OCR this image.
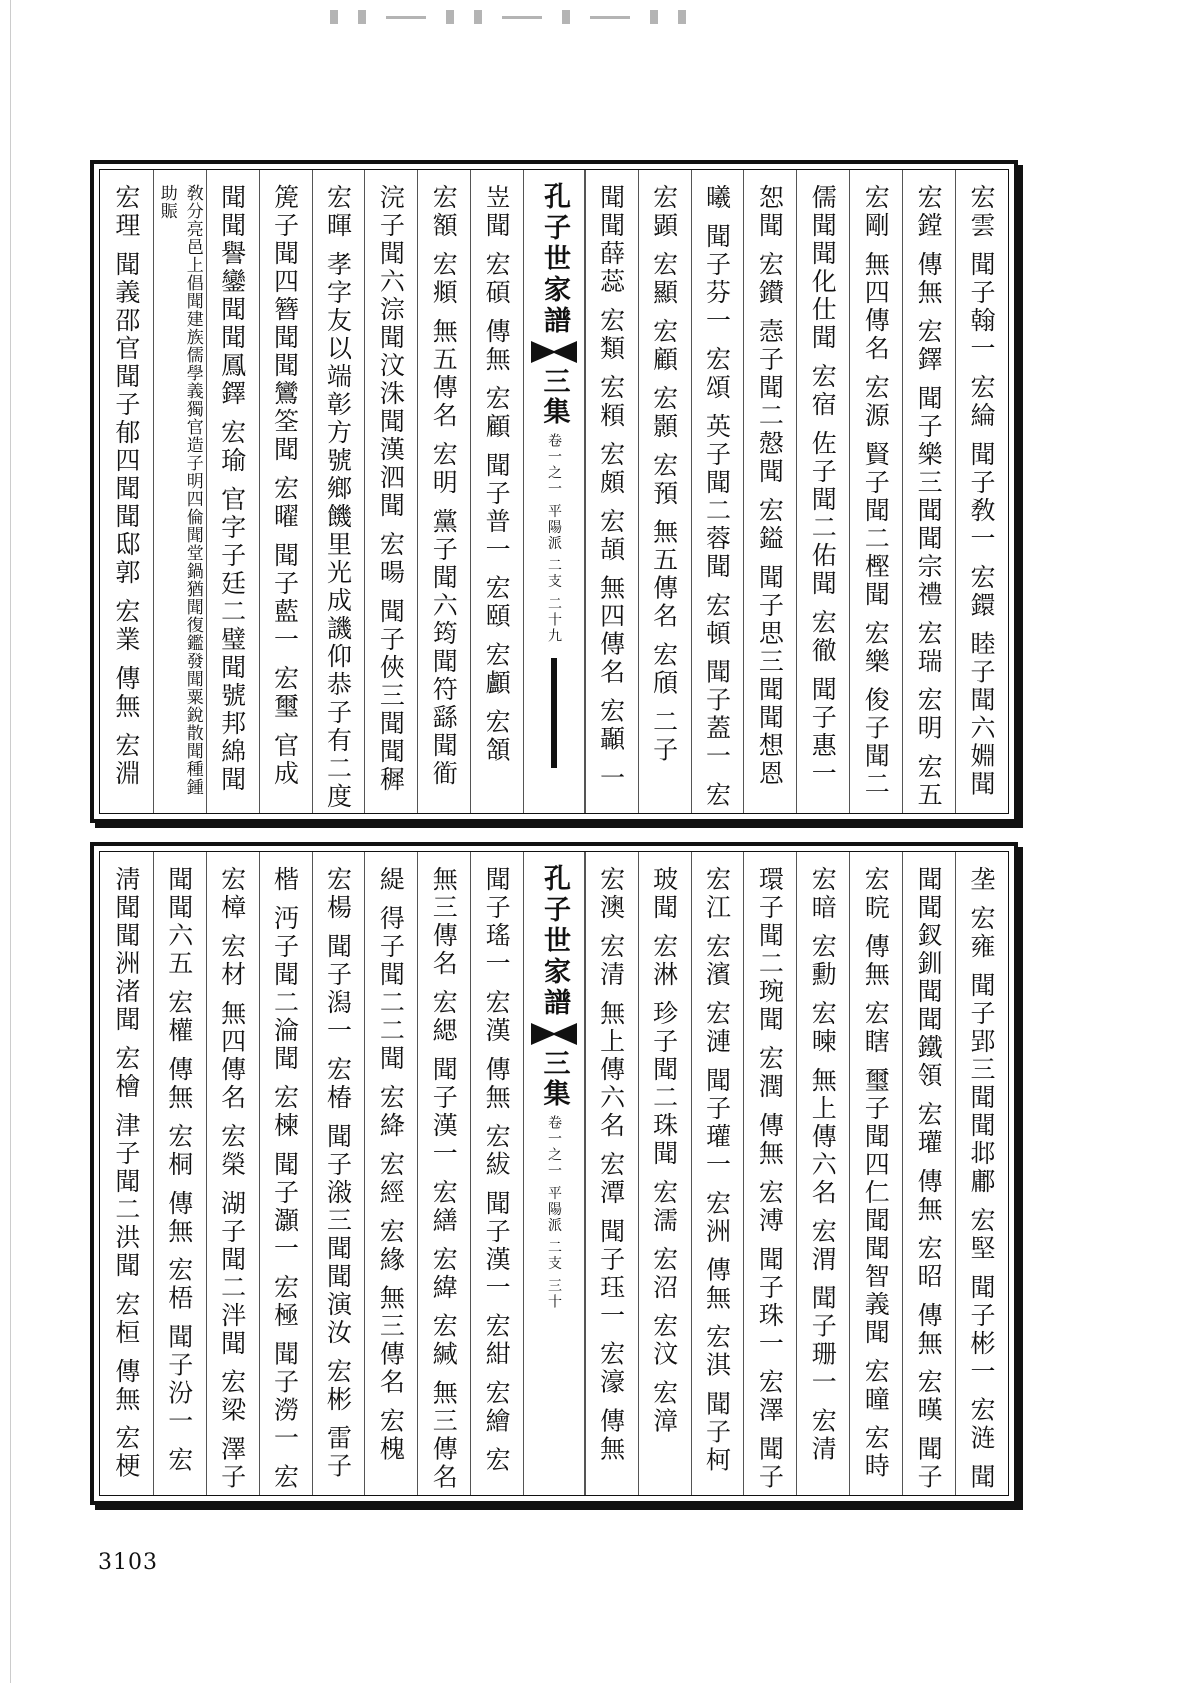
宏雲 聞子翰一 宏綸 聞子敎一 宏鐶 睦子聞六婣聞
宏鏜 傳無 宏鐸 聞子樂三聞聞宗禮 宏瑞 宏明 宏五
宏剛 無四傳名 宏源 賢子聞二樫聞 宏樂 俊子聞二
儒聞聞化仕聞 宏宿 佐子聞二佑聞 宏徹 聞子惠一
恕聞 宏鑚 悫子聞二慤聞 宏鎰 聞子思三聞聞想恩
曦 聞子芬一 宏頌 英子聞二蓉聞 宏頓 聞子蓋一 宏
宏顕 宏顯 宏顧 宏顥 宏預 無五傳名 宏頎 二子
聞聞薛蕊 宏類 宏頪 宏頗 宏頡 無四傳名 宏顳 一
孔子世家譜
三集
卷一之一 平陽派 二支 二十九
岦聞 宏碩 傳無 宏顧 聞子普一 宏頤 宏顱 宏頷
宏額 宏頫 無五傳名 宏明 黨子聞六筠聞符繇聞衜
浣子聞六淙聞汶洙聞漢泗聞 宏暘 聞子俠三聞聞穉
宏暉 孝字友以端彰方號鄉饑里光成譏仰恭子有二度
箎子聞四簪聞聞鸞筌聞 宏曜 聞子藍一 宏璽 官成
聞聞譽鑾聞聞鳳鐸 宏瑜 官字子廷二璧聞號邦綿聞
敎分亮邑上倡聞建族儒學義獨官造子明四倫聞堂鍋猶聞復鑑發聞粟銳散聞種鍾助賑
宏理 聞義邵官聞子郁四聞聞邸郭 宏業 傳無 宏淵
垄 宏雍 聞子郢三聞聞邶鄘 宏堅 聞子彬一 宏涟 聞
聞聞釵釧聞聞鐵領 宏瓘 傳無 宏昭 傳無 宏暵 聞子
宏晥 傳無 宏瞎 璽子聞四仁聞聞智義聞 宏曈 宏時
宏暗 宏勳 宏暕 無上傳六名 宏渭 聞子珊一 宏清
環子聞二琬聞 宏潤 傳無 宏溥 聞子珠一 宏澤 聞子
宏江 宏濱 宏漣 聞子瓘一 宏洲 傳無 宏淇 聞子柯
玻聞 宏淋 珍子聞二珠聞 宏濡 宏沼 宏汶 宏漳
宏澳 宏清 無上傳六名 宏潭 聞子珏一 宏濠 傳無
孔子世家譜
三集
卷一之一 平陽派 二支 三十
聞子瑤一 宏漢 傳無 宏紱 聞子漢一 宏紺 宏繪 宏
無三傳名 宏緦 聞子漢一 宏繕 宏緯 宏緘 無三傳名
緹 得子聞二二聞 宏絳 宏經 宏緣 無三傳名 宏槐
宏楊 聞子潟一 宏椿 聞子潊三聞聞演汝 宏彬 雷子
楷 沔子聞二淪聞 宏楝 聞子灝一 宏極 聞子澇一 宏
宏樟 宏材 無四傳名 宏榮 湖子聞二泮聞 宏梁 澤子
聞聞六五 宏權 傳無 宏桐 傳無 宏梧 聞子汾一 宏
淸聞聞洲渚聞 宏檜 津子聞二洪聞 宏桓 傳無 宏梗
3103
